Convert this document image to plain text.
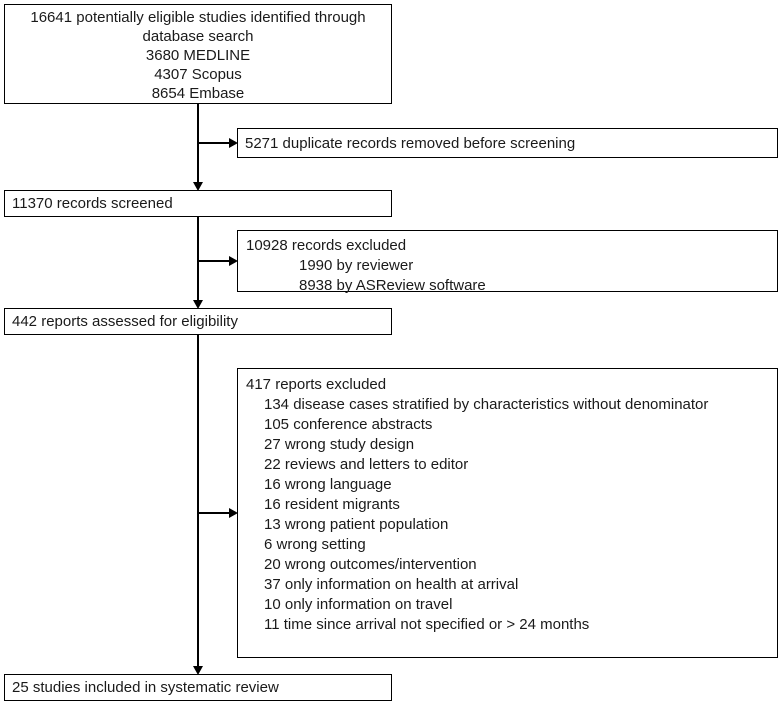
16641 potentially eligible studies identified through
database search
3680 MEDLINE
4307 Scopus
8654 Embase
5271 duplicate records removed before screening
11370 records screened
10928 records excluded
1990 by reviewer
8938 by ASReview software
442 reports assessed for eligibility
417 reports excluded
134 disease cases stratified by characteristics without denominator
105 conference abstracts
27 wrong study design
22 reviews and letters to editor
16 wrong language
16 resident migrants
13 wrong patient population
6 wrong setting
20 wrong outcomes/intervention
37 only information on health at arrival
10 only information on travel
11 time since arrival not specified or > 24 months
25 studies included in systematic review
